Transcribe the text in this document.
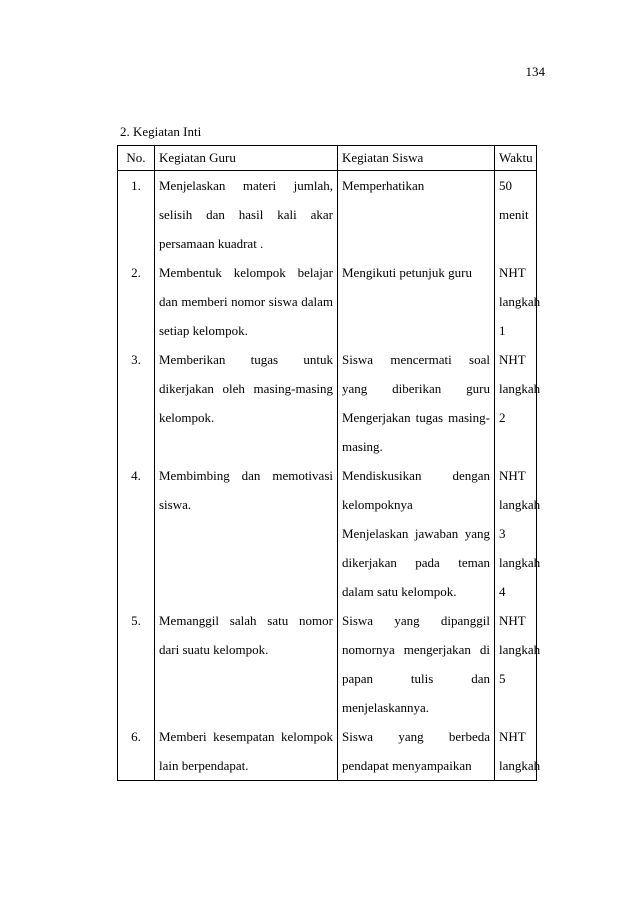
134
2. Kegiatan Inti
No.	Kegiatan Guru	Kegiatan Siswa	Waktu
1.	Menjelaskan materi jumlah,
selisih dan hasil kali akar
persamaan kuadrat .	Memperhatikan	50
menit

2.	Membentuk kelompok belajar
dan memberi nomor siswa dalam
setiap kelompok.	Mengikuti petunjuk guru	NHT
langkah
1

3.	Memberikan tugas untuk
dikerjakan oleh masing-masing
kelompok.	Siswa mencermati soal
yang diberikan guru
Mengerjakan tugas masing-
masing.	NHT
langkah
2

4.	Membimbing dan memotivasi
siswa.	Mendiskusikan dengan
kelompoknya
Menjelaskan jawaban yang
dikerjakan pada teman
dalam satu kelompok.	NHT
langkah
3
langkah
4

5.	Memanggil salah satu nomor
dari suatu kelompok.	Siswa yang dipanggil
nomornya mengerjakan di
papan tulis dan
menjelaskannya.	NHT
langkah
5

6.	Memberi kesempatan kelompok
lain berpendapat.	Siswa yang berbeda
pendapat menyampaikan	NHT
langkah
